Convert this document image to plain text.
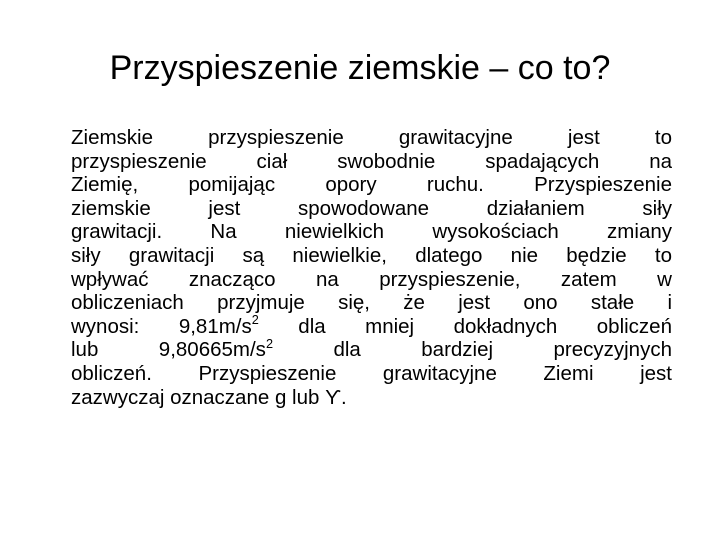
Przyspieszenie ziemskie – co to?
Ziemskie przyspieszenie grawitacyjne jest to
przyspieszenie ciał swobodnie spadających na
Ziemię, pomijając opory ruchu. Przyspieszenie
ziemskie jest spowodowane działaniem siły
grawitacji. Na niewielkich wysokościach zmiany
siły grawitacji są niewielkie, dlatego nie będzie to
wpływać znacząco na przyspieszenie, zatem w
obliczeniach przyjmuje się, że jest ono stałe i
wynosi: $9,81m/s^2$ dla mniej dokładnych obliczeń
lub $9,80665m/s^2$ dla bardziej precyzyjnych
obliczeń. Przyspieszenie grawitacyjne Ziemi jest
zazwyczaj oznaczane g lub ϒ.
